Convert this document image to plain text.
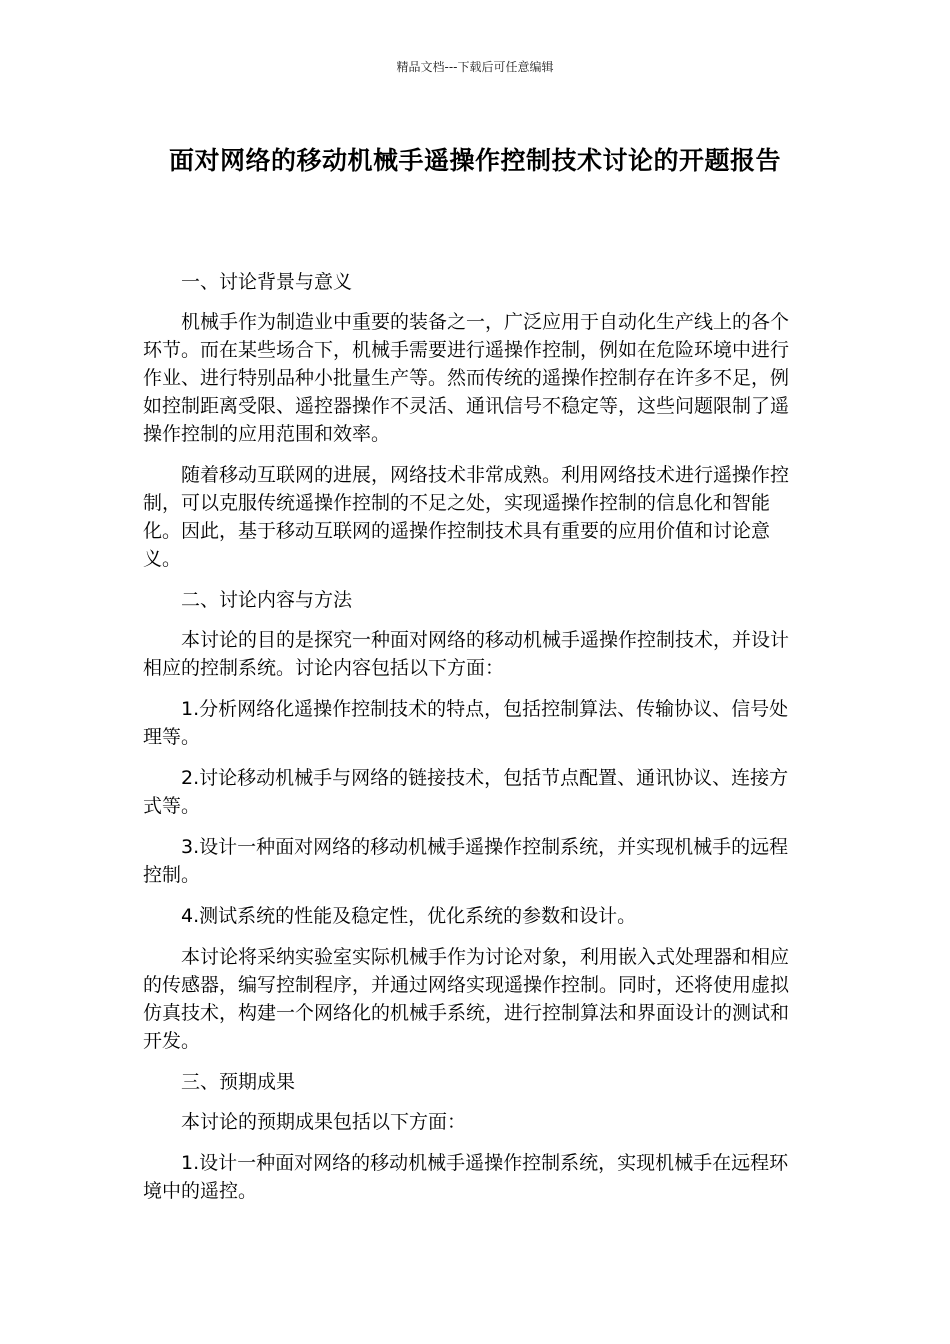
精品文档---下载后可任意编辑
面对网络的移动机械手遥操作控制技术讨论的开题报告

一、讨论背景与意义

机械手作为制造业中重要的装备之一，广泛应用于自动化生产线上的各个环节。而在某些场合下，机械手需要进行遥操作控制，例如在危险环境中进行作业、进行特别品种小批量生产等。然而传统的遥操作控制存在许多不足，例如控制距离受限、遥控器操作不灵活、通讯信号不稳定等，这些问题限制了遥操作控制的应用范围和效率。

随着移动互联网的进展，网络技术非常成熟。利用网络技术进行遥操作控制，可以克服传统遥操作控制的不足之处，实现遥操作控制的信息化和智能化。因此，基于移动互联网的遥操作控制技术具有重要的应用价值和讨论意义。

二、讨论内容与方法

本讨论的目的是探究一种面对网络的移动机械手遥操作控制技术，并设计相应的控制系统。讨论内容包括以下方面：

1.分析网络化遥操作控制技术的特点，包括控制算法、传输协议、信号处理等。

2.讨论移动机械手与网络的链接技术，包括节点配置、通讯协议、连接方式等。

3.设计一种面对网络的移动机械手遥操作控制系统，并实现机械手的远程控制。

4.测试系统的性能及稳定性，优化系统的参数和设计。

本讨论将采纳实验室实际机械手作为讨论对象，利用嵌入式处理器和相应的传感器，编写控制程序，并通过网络实现遥操作控制。同时，还将使用虚拟仿真技术，构建一个网络化的机械手系统，进行控制算法和界面设计的测试和开发。

三、预期成果

本讨论的预期成果包括以下方面：

1.设计一种面对网络的移动机械手遥操作控制系统，实现机械手在远程环境中的遥控。
